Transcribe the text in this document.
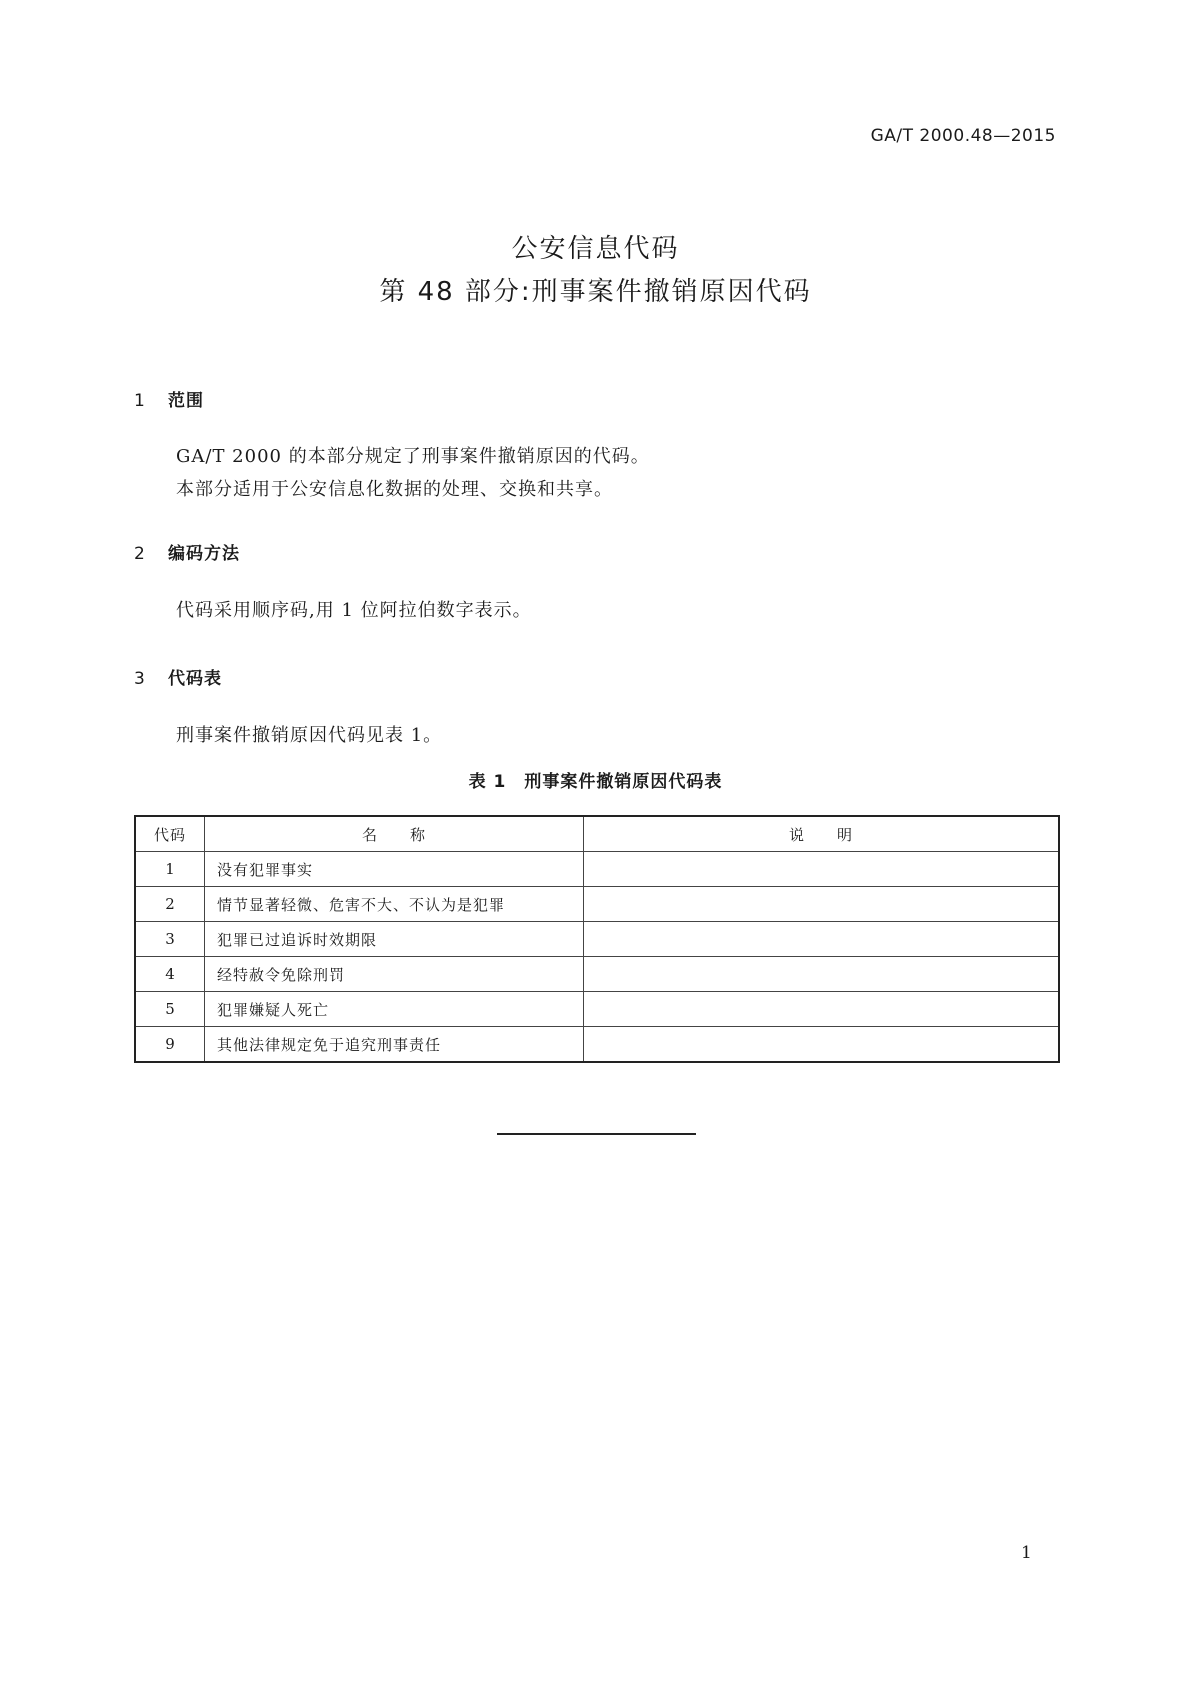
GA/T 2000.48—2015
公安信息代码
第 48 部分:刑事案件撤销原因代码
1 范围
GA/T 2000 的本部分规定了刑事案件撤销原因的代码。
本部分适用于公安信息化数据的处理、交换和共享。
2 编码方法
代码采用顺序码,用 1 位阿拉伯数字表示。
3 代码表
刑事案件撤销原因代码见表 1。
表 1 刑事案件撤销原因代码表
代码	名　　称	说　　明
1	没有犯罪事实	
2	情节显著轻微、危害不大、不认为是犯罪	
3	犯罪已过追诉时效期限	
4	经特赦令免除刑罚	
5	犯罪嫌疑人死亡	
9	其他法律规定免于追究刑事责任	
1
